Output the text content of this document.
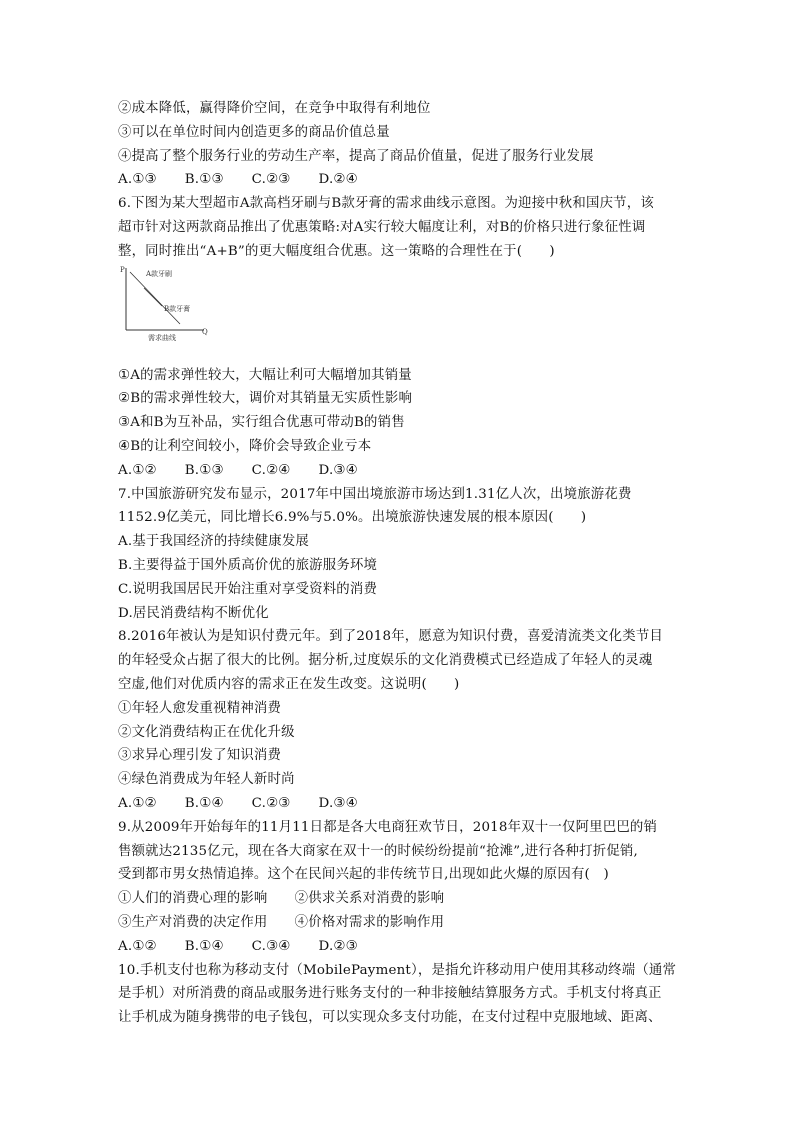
②成本降低，赢得降价空间，在竞争中取得有利地位
③可以在单位时间内创造更多的商品价值总量
④提高了整个服务行业的劳动生产率，提高了商品价值量，促进了服务行业发展
A.①③ B.①③ C.②③ D.②④
6.下图为某大型超市A款高档牙刷与B款牙膏的需求曲线示意图。为迎接中秋和国庆节，该
超市针对这两款商品推出了优惠策略:对A实行较大幅度让利，对B的价格只进行象征性调
整，同时推出“A+B”的更大幅度组合优惠。这一策略的合理性在于(　　)
①A的需求弹性较大，大幅让利可大幅增加其销量
②B的需求弹性较大，调价对其销量无实质性影响
③A和B为互补品，实行组合优惠可带动B的销售
④B的让利空间较小，降价会导致企业亏本
A.①② B.①③ C.②④ D.③④
7.中国旅游研究发布显示，2017年中国出境旅游市场达到1.31亿人次，出境旅游花费
1152.9亿美元，同比增长6.9%与5.0%。出境旅游快速发展的根本原因(　　)
A.基于我国经济的持续健康发展
B.主要得益于国外质高价优的旅游服务环境
C.说明我国居民开始注重对享受资料的消费
D.居民消费结构不断优化
8.2016年被认为是知识付费元年。到了2018年，愿意为知识付费，喜爱清流类文化类节目
的年轻受众占据了很大的比例。据分析,过度娱乐的文化消费模式已经造成了年轻人的灵魂
空虚,他们对优质内容的需求正在发生改变。这说明(　　)
①年轻人愈发重视精神消费
②文化消费结构正在优化升级
③求异心理引发了知识消费
④绿色消费成为年轻人新时尚
A.①② B.①④ C.②③ D.③④
9.从2009年开始每年的11月11日都是各大电商狂欢节日，2018年双十一仅阿里巴巴的销
售额就达2135亿元，现在各大商家在双十一的时候纷纷提前“抢滩”,进行各种打折促销,
受到都市男女热情追捧。这个在民间兴起的非传统节日,出现如此火爆的原因有(　)
①人们的消费心理的影响　　②供求关系对消费的影响
③生产对消费的决定作用　　④价格对需求的影响作用
A.①② B.①④ C.③④ D.②③
10.手机支付也称为移动支付（MobilePayment），是指允许移动用户使用其移动终端（通常
是手机）对所消费的商品或服务进行账务支付的一种非接触结算服务方式。手机支付将真正
让手机成为随身携带的电子钱包，可以实现众多支付功能，在支付过程中克服地域、距离、
P
Q
A款牙刷
B款牙膏
需求曲线
